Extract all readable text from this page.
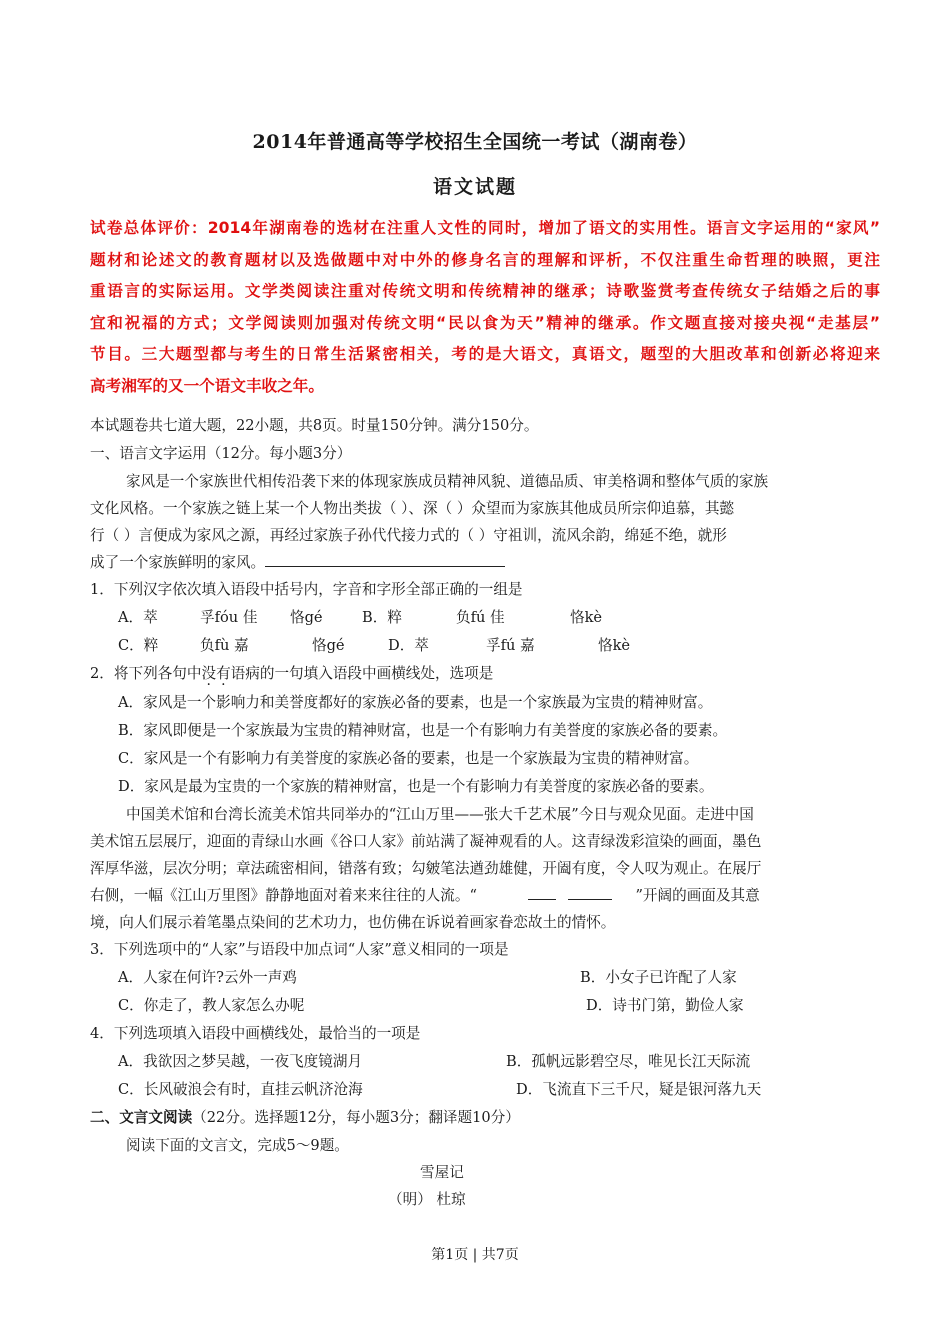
2014年普通高等学校招生全国统一考试（湖南卷）
语文试题
试卷总体评价：2014年湖南卷的选材在注重人文性的同时，增加了语文的实用性。语言文字运用的“家风”
题材和论述文的教育题材以及选做题中对中外的修身名言的理解和评析，不仅注重生命哲理的映照，更注
重语言的实际运用。文学类阅读注重对传统文明和传统精神的继承；诗歌鉴赏考查传统女子结婚之后的事
宜和祝福的方式；文学阅读则加强对传统文明“民以食为天”精神的继承。作文题直接对接央视“走基层”
节目。三大题型都与考生的日常生活紧密相关，考的是大语文，真语文，题型的大胆改革和创新必将迎来
高考湘军的又一个语文丰收之年。
本试题卷共七道大题，22小题，共8页。时量150分钟。满分150分。
一、语言文字运用（12分。每小题3分）
家风是一个家族世代相传沿袭下来的体现家族成员精神风貌、道德品质、审美格调和整体气质的家族
文化风格。一个家族之链上某一个人物出类拔（ ）、深（ ）众望而为家族其他成员所宗仰追慕，其懿
行（ ）言便成为家风之源，再经过家族子孙代代接力式的（ ）守祖训，流风余韵，绵延不绝，就形
成了一个家族鲜明的家风。
1．下列汉字依次填入语段中括号内，字音和字形全部正确的一组是
A．萃	孚fóu 佳 恪gé	B．粹	负fú 佳	恪kè
C．粹	负fù 嘉	恪gé	D．萃	孚fú 嘉	恪kè
2．将下列各句中没有语病的一句填入语段中画横线处，选项是
A．家风是一个影响力和美誉度都好的家族必备的要素，也是一个家族最为宝贵的精神财富。
B．家风即便是一个家族最为宝贵的精神财富，也是一个有影响力有美誉度的家族必备的要素。
C．家风是一个有影响力有美誉度的家族必备的要素，也是一个家族最为宝贵的精神财富。
D．家风是最为宝贵的一个家族的精神财富，也是一个有影响力有美誉度的家族必备的要素。
中国美术馆和台湾长流美术馆共同举办的“江山万里——张大千艺术展”今日与观众见面。走进中国
美术馆五层展厅，迎面的青绿山水画《谷口人家》前站满了凝神观看的人。这青绿泼彩渲染的画面，墨色
浑厚华滋，层次分明；章法疏密相间，错落有致；勾皴笔法遒劲雄健，开阖有度，令人叹为观止。在展厅
右侧，一幅《江山万里图》静静地面对着来来往往的人流。“	”开阔的画面及其意
境，向人们展示着笔墨点染间的艺术功力，也仿佛在诉说着画家眷恋故土的情怀。
3．下列选项中的“人家”与语段中加点词“人家”意义相同的一项是
A．人家在何许?云外一声鸡	B．小女子已许配了人家
C．你走了，教人家怎么办呢	D．诗书门第，勤俭人家
4．下列选项填入语段中画横线处，最恰当的一项是
A．我欲因之梦吴越，一夜飞度镜湖月	B．孤帆远影碧空尽，唯见长江天际流
C．长风破浪会有时，直挂云帆济沧海	D．飞流直下三千尺，疑是银河落九天
二、文言文阅读（22分。选择题12分，每小题3分；翻译题10分）
阅读下面的文言文，完成5～9题。
雪屋记
（明） 杜琼
第1页 | 共7页
